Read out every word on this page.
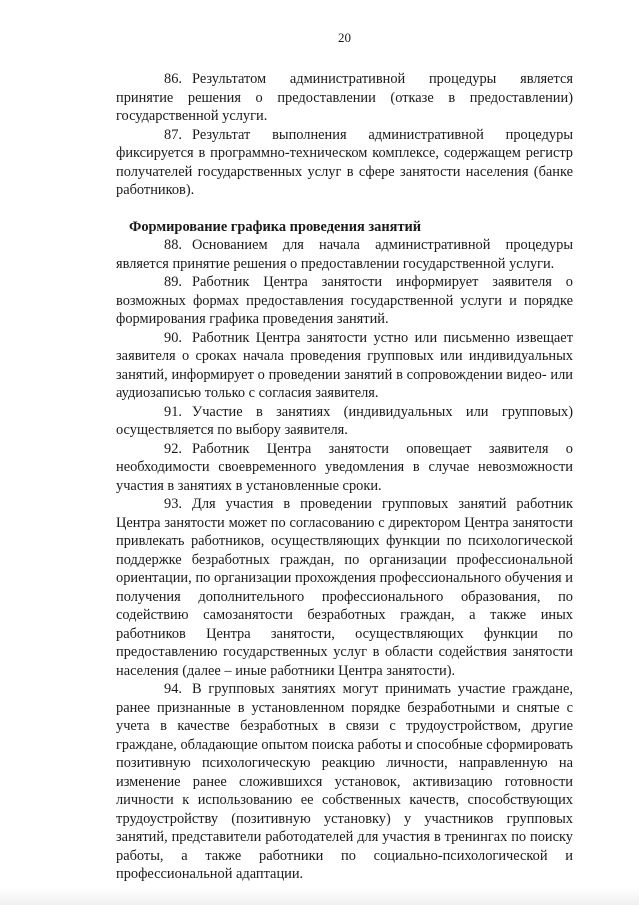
20

86. Результатом административной процедуры является принятие решения о предоставлении (отказе в предоставлении) государственной услуги.

87. Результат выполнения административной процедуры фиксируется в программно-техническом комплексе, содержащем регистр получателей государственных услуг в сфере занятости населения (банке работников).

Формирование графика проведения занятий

88. Основанием для начала административной процедуры является принятие решения о предоставлении государственной услуги.

89. Работник Центра занятости информирует заявителя о возможных формах предоставления государственной услуги и порядке формирования графика проведения занятий.

90. Работник Центра занятости устно или письменно извещает заявителя о сроках начала проведения групповых или индивидуальных занятий, информирует о проведении занятий в сопровождении видео- или аудиозаписью только с согласия заявителя.

91. Участие в занятиях (индивидуальных или групповых) осуществляется по выбору заявителя.

92. Работник Центра занятости оповещает заявителя о необходимости своевременного уведомления в случае невозможности участия в занятиях в установленные сроки.

93. Для участия в проведении групповых занятий работник Центра занятости может по согласованию с директором Центра занятости привлекать работников, осуществляющих функции по психологической поддержке безработных граждан, по организации профессиональной ориентации, по организации прохождения профессионального обучения и получения дополнительного профессионального образования, по содействию самозанятости безработных граждан, а также иных работников Центра занятости, осуществляющих функции по предоставлению государственных услуг в области содействия занятости населения (далее – иные работники Центра занятости).

94. В групповых занятиях могут принимать участие граждане, ранее признанные в установленном порядке безработными и снятые с учета в качестве безработных в связи с трудоустройством, другие граждане, обладающие опытом поиска работы и способные сформировать позитивную психологическую реакцию личности, направленную на изменение ранее сложившихся установок, активизацию готовности личности к использованию ее собственных качеств, способствующих трудоустройству (позитивную установку) у участников групповых занятий, представители работодателей для участия в тренингах по поиску работы, а также работники по социально-психологической и профессиональной адаптации.
